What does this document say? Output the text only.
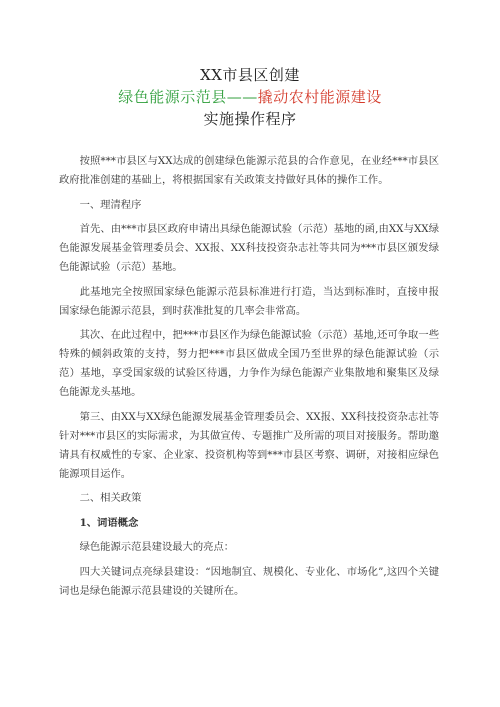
XX市县区创建
绿色能源示范县——撬动农村能源建设
实施操作程序

按照***市县区与XX达成的创建绿色能源示范县的合作意见，在业经***市县区政府批准创建的基础上，将根据国家有关政策支持做好具体的操作工作。

一、理清程序

首先、由***市县区政府申请出具绿色能源试验（示范）基地的函,由XX与XX绿色能源发展基金管理委员会、XX报、XX科技投资杂志社等共同为***市县区颁发绿色能源试验（示范）基地。

此基地完全按照国家绿色能源示范县标准进行打造，当达到标准时，直接申报国家绿色能源示范县，到时获准批复的几率会非常高。

其次、在此过程中，把***市县区作为绿色能源试验（示范）基地,还可争取一些特殊的倾斜政策的支持，努力把***市县区做成全国乃至世界的绿色能源试验（示范）基地，享受国家级的试验区待遇，力争作为绿色能源产业集散地和聚集区及绿色能源龙头基地。

第三、由XX与XX绿色能源发展基金管理委员会、XX报、XX科技投资杂志社等针对***市县区的实际需求，为其做宣传、专题推广及所需的项目对接服务。帮助邀请具有权威性的专家、企业家、投资机构等到***市县区考察、调研，对接相应绿色能源项目运作。

二、相关政策

1、词语概念

绿色能源示范县建设最大的亮点：

四大关键词点亮绿县建设：“因地制宜、规模化、专业化、市场化”,这四个关键词也是绿色能源示范县建设的关键所在。
